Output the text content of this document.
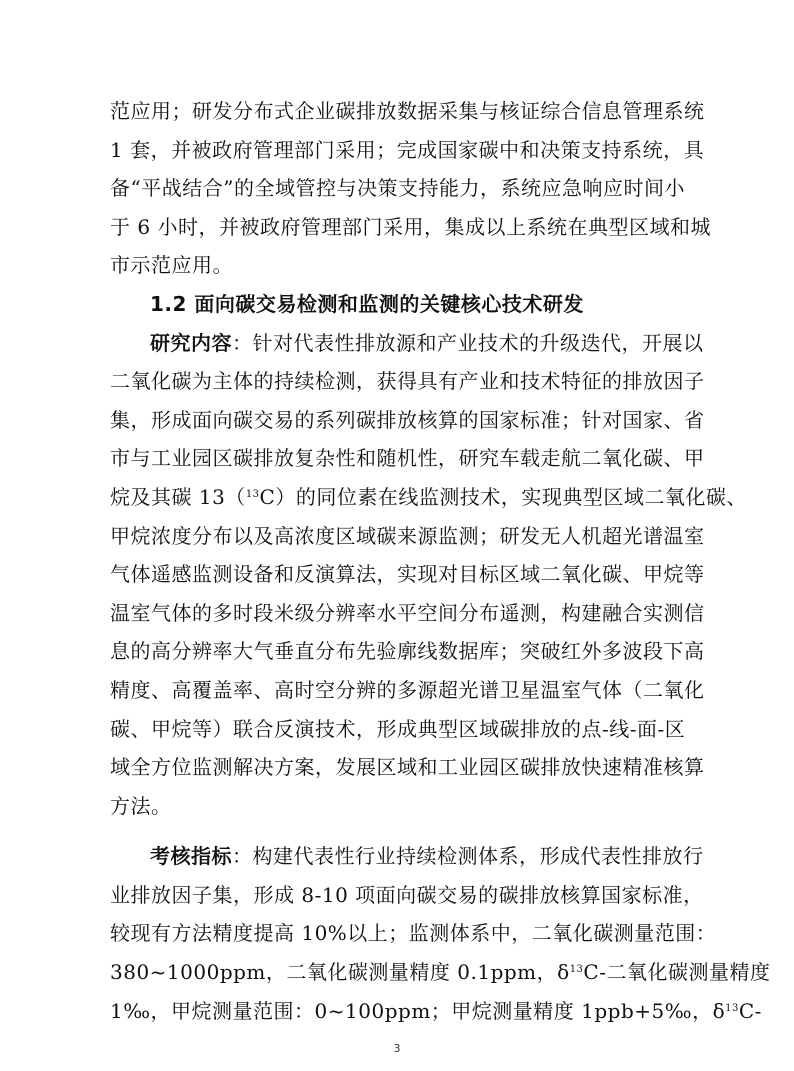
范应用；研发分布式企业碳排放数据采集与核证综合信息管理系统
1 套，并被政府管理部门采用；完成国家碳中和决策支持系统，具
备“平战结合”的全域管控与决策支持能力，系统应急响应时间小
于 6 小时，并被政府管理部门采用，集成以上系统在典型区域和城
市示范应用。
1.2 面向碳交易检测和监测的关键核心技术研发
研究内容：针对代表性排放源和产业技术的升级迭代，开展以
二氧化碳为主体的持续检测，获得具有产业和技术特征的排放因子
集，形成面向碳交易的系列碳排放核算的国家标准；针对国家、省
市与工业园区碳排放复杂性和随机性，研究车载走航二氧化碳、甲
烷及其碳 13（$^{13}$C）的同位素在线监测技术，实现典型区域二氧化碳、
甲烷浓度分布以及高浓度区域碳来源监测；研发无人机超光谱温室
气体遥感监测设备和反演算法，实现对目标区域二氧化碳、甲烷等
温室气体的多时段米级分辨率水平空间分布遥测，构建融合实测信
息的高分辨率大气垂直分布先验廓线数据库；突破红外多波段下高
精度、高覆盖率、高时空分辨的多源超光谱卫星温室气体（二氧化
碳、甲烷等）联合反演技术，形成典型区域碳排放的点-线-面-区
域全方位监测解决方案，发展区域和工业园区碳排放快速精准核算
方法。
考核指标：构建代表性行业持续检测体系，形成代表性排放行
业排放因子集，形成 8-10 项面向碳交易的碳排放核算国家标准，
较现有方法精度提高 10%以上；监测体系中，二氧化碳测量范围：
380~1000ppm，二氧化碳测量精度 0.1ppm，$\delta^{13}C-$二氧化碳测量精度
1‰，甲烷测量范围：0~100ppm；甲烷测量精度 1ppb+5‰，$\delta^{13}C-$
3
